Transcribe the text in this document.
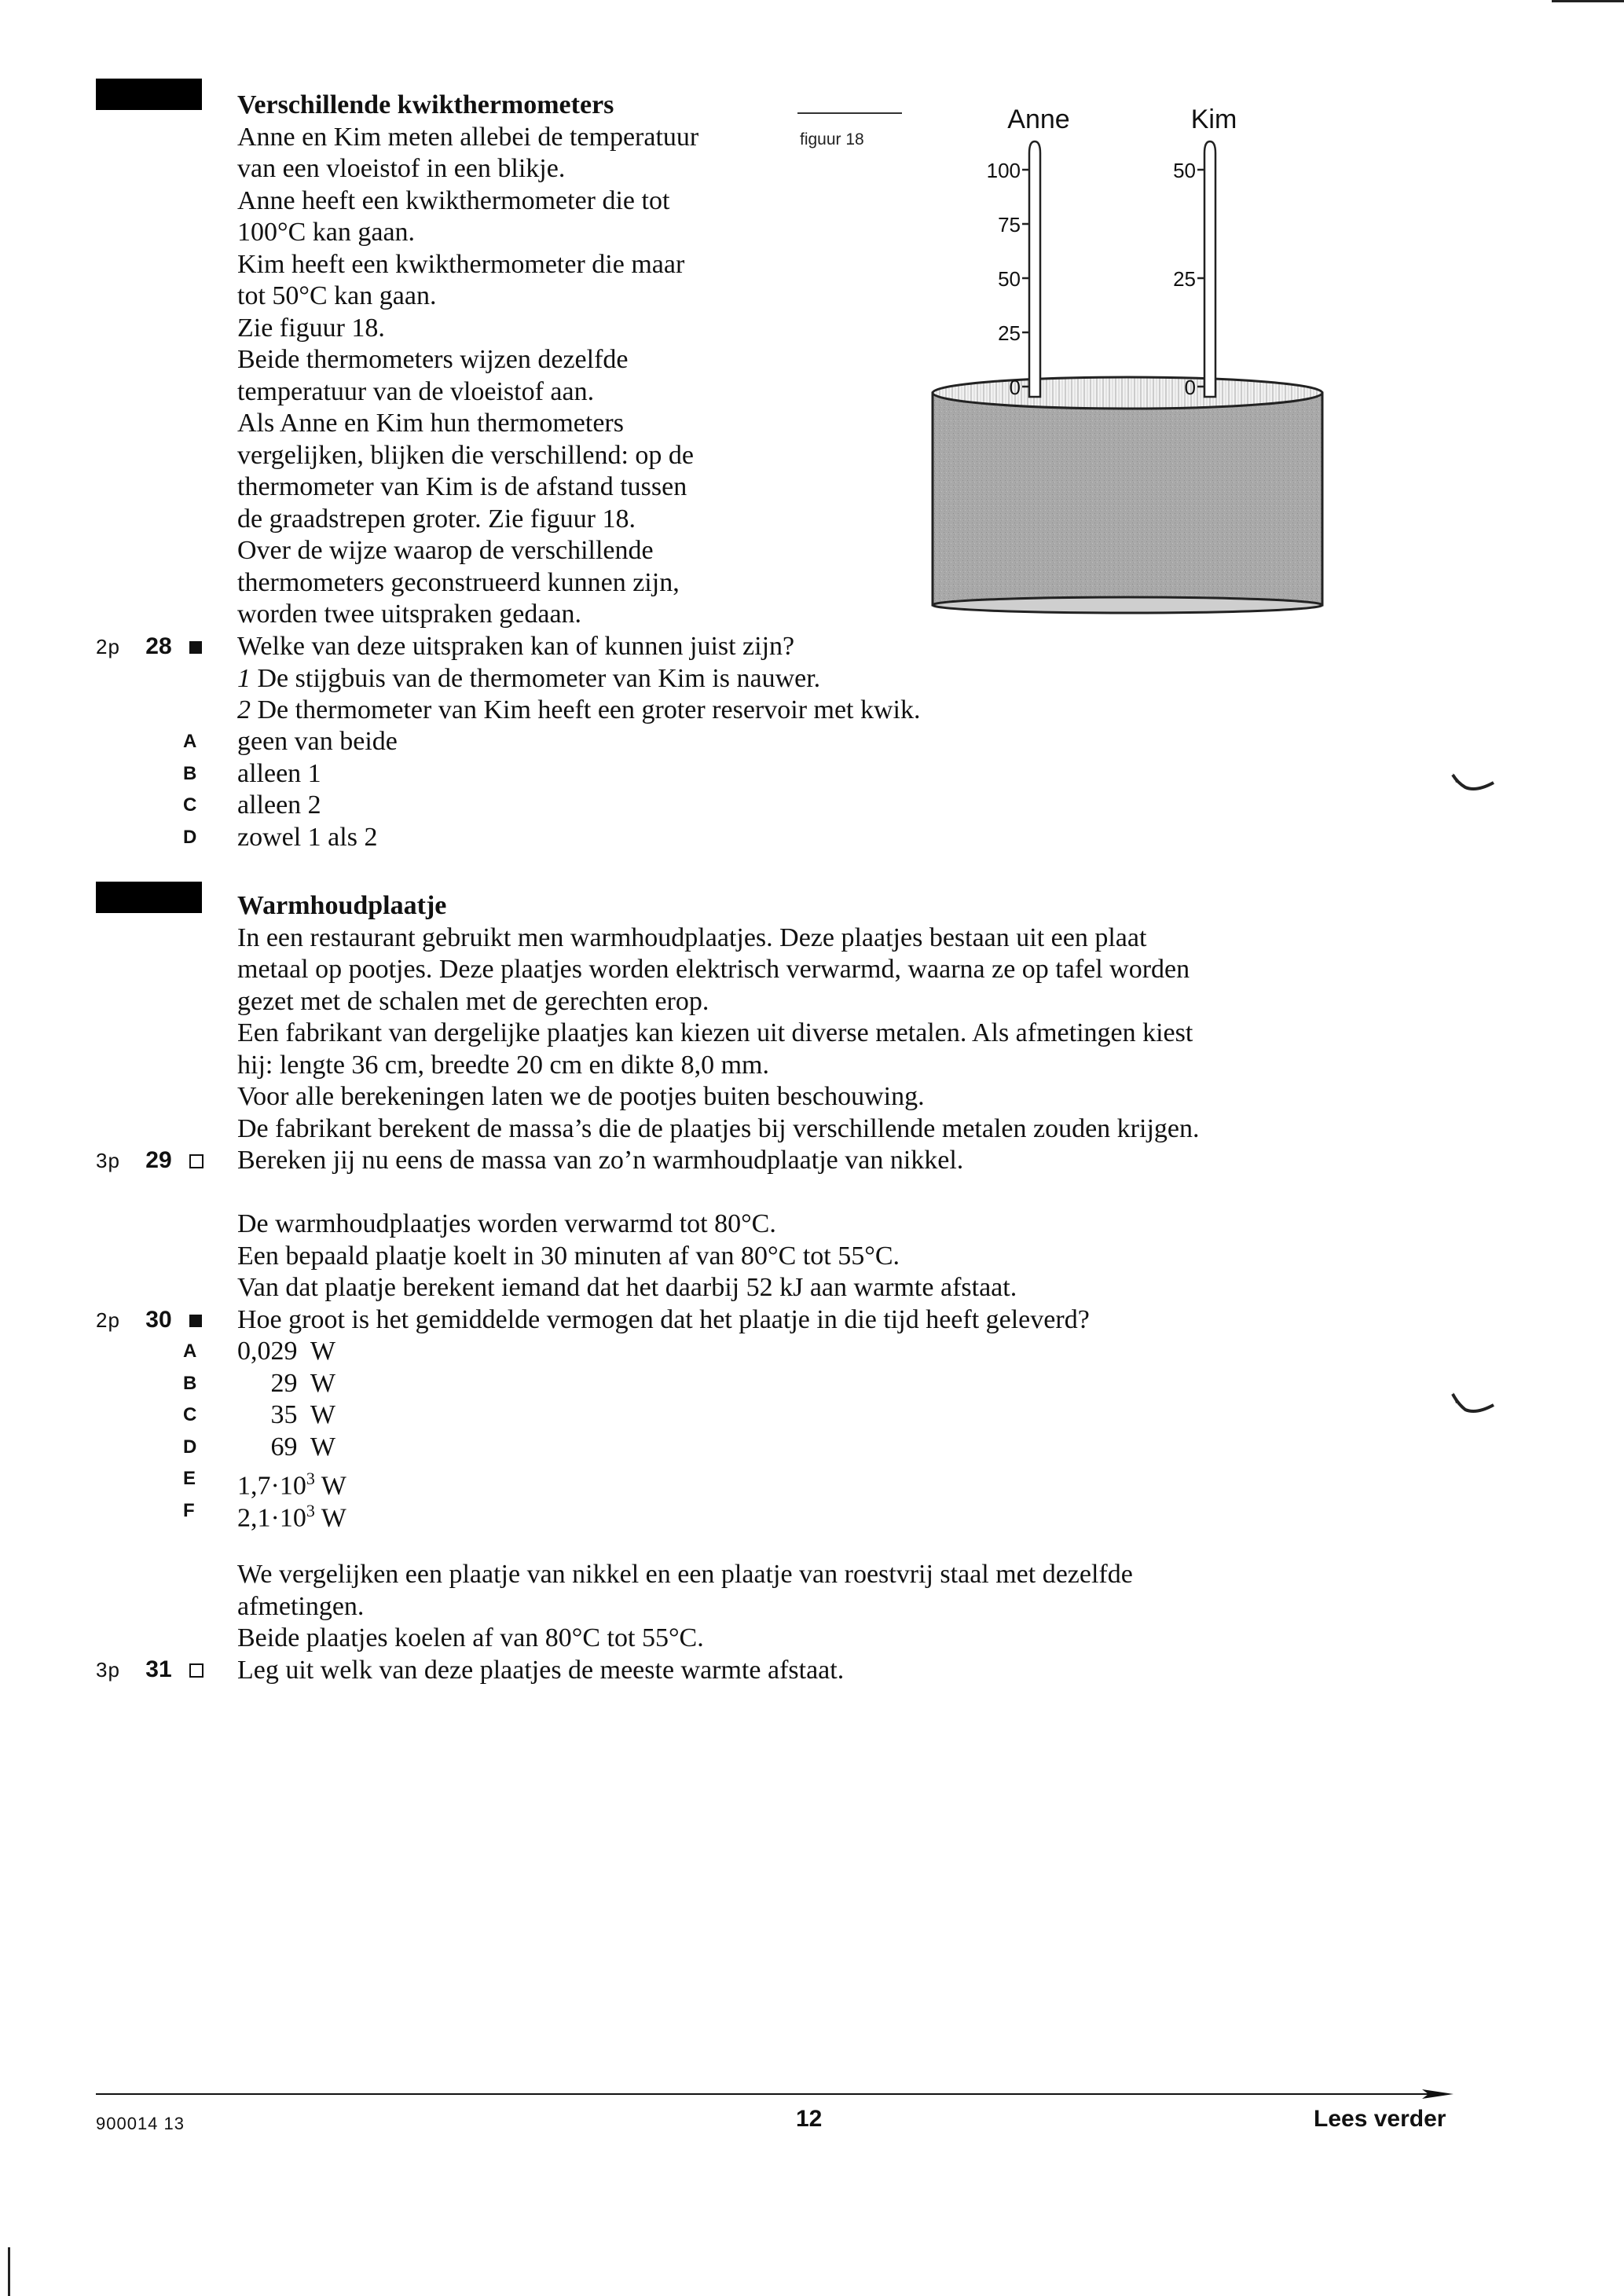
Verschillende kwikthermometers

Anne en Kim meten allebei de temperatuur

van een vloeistof in een blikje.

Anne heeft een kwikthermometer die tot

100°C kan gaan.

Kim heeft een kwikthermometer die maar

tot 50°C kan gaan.

Zie figuur 18.

Beide thermometers wijzen dezelfde

temperatuur van de vloeistof aan.

Als Anne en Kim hun thermometers

vergelijken, blijken die verschillend: op de

thermometer van Kim is de afstand tussen

de graadstrepen groter. Zie figuur 18.

Over de wijze waarop de verschillende

thermometers geconstrueerd kunnen zijn,

worden twee uitspraken gedaan.

figuur 18
Anne	Kim
100
75
50
25
0
50
25
0
2p 28	Welke van deze uitspraken kan of kunnen juist zijn?

1 De stijgbuis van de thermometer van Kim is nauwer.

2 De thermometer van Kim heeft een groter reservoir met kwik.

A geen van beide
B alleen 1
C alleen 2
D zowel 1 als 2

Warmhoudplaatje

In een restaurant gebruikt men warmhoudplaatjes. Deze plaatjes bestaan uit een plaat

metaal op pootjes. Deze plaatjes worden elektrisch verwarmd, waarna ze op tafel worden

gezet met de schalen met de gerechten erop.

Een fabrikant van dergelijke plaatjes kan kiezen uit diverse metalen. Als afmetingen kiest

hij: lengte 36 cm, breedte 20 cm en dikte 8,0 mm.

Voor alle berekeningen laten we de pootjes buiten beschouwing.

De fabrikant berekent de massa’s die de plaatjes bij verschillende metalen zouden krijgen.

Bereken jij nu eens de massa van zo’n warmhoudplaatje van nikkel.

3p 29

De warmhoudplaatjes worden verwarmd tot 80°C.

Een bepaald plaatje koelt in 30 minuten af van 80°C tot 55°C.

Van dat plaatje berekent iemand dat het daarbij 52 kJ aan warmte afstaat.

Hoe groot is het gemiddelde vermogen dat het plaatje in die tijd heeft geleverd?

2p 30
A 0,029  W
B 29  W
C 35  W
D 69  W
E $1,7\cdot 10^3$ W
F $2,1\cdot 10^3$ W

We vergelijken een plaatje van nikkel en een plaatje van roestvrij staal met dezelfde

afmetingen.

Beide plaatjes koelen af van 80°C tot 55°C.

Leg uit welk van deze plaatjes de meeste warmte afstaat.

3p 31
900014 13	12	Lees verder
